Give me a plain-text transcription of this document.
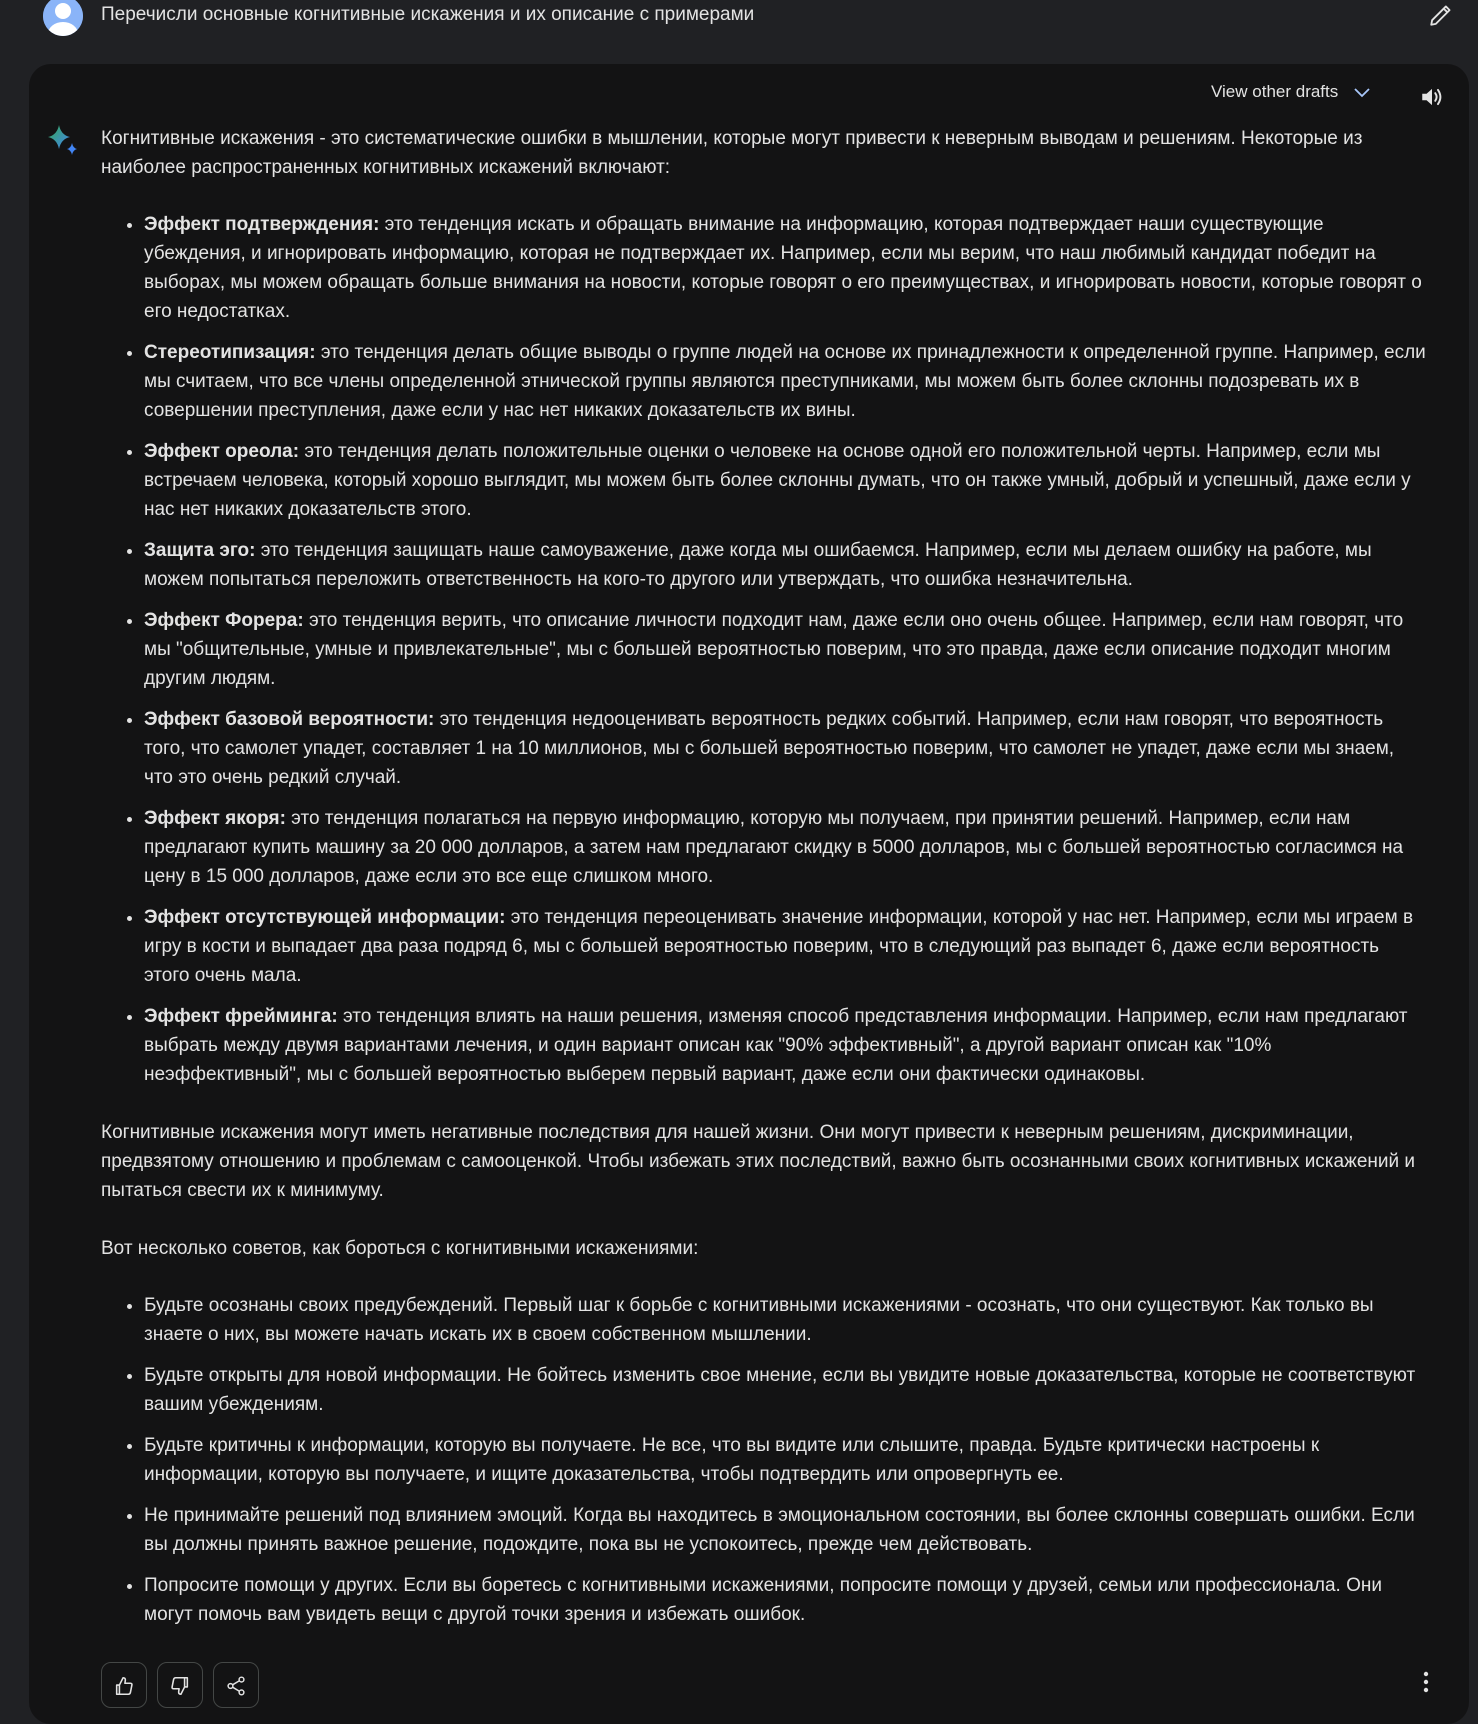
Перечисли основные когнитивные искажения и их описание с примерами
View other drafts

Когнитивные искажения - это систематические ошибки в мышлении, которые могут привести к неверным выводам и решениям. Некоторые из наиболее распространенных когнитивных искажений включают:

• Эффект подтверждения: это тенденция искать и обращать внимание на информацию, которая подтверждает наши существующие убеждения, и игнорировать информацию, которая не подтверждает их. Например, если мы верим, что наш любимый кандидат победит на выборах, мы можем обращать больше внимания на новости, которые говорят о его преимуществах, и игнорировать новости, которые говорят о его недостатках.
• Стереотипизация: это тенденция делать общие выводы о группе людей на основе их принадлежности к определенной группе. Например, если мы считаем, что все члены определенной этнической группы являются преступниками, мы можем быть более склонны подозревать их в совершении преступления, даже если у нас нет никаких доказательств их вины.
• Эффект ореола: это тенденция делать положительные оценки о человеке на основе одной его положительной черты. Например, если мы встречаем человека, который хорошо выглядит, мы можем быть более склонны думать, что он также умный, добрый и успешный, даже если у нас нет никаких доказательств этого.
• Защита эго: это тенденция защищать наше самоуважение, даже когда мы ошибаемся. Например, если мы делаем ошибку на работе, мы можем попытаться переложить ответственность на кого-то другого или утверждать, что ошибка незначительна.
• Эффект Форера: это тенденция верить, что описание личности подходит нам, даже если оно очень общее. Например, если нам говорят, что мы "общительные, умные и привлекательные", мы с большей вероятностью поверим, что это правда, даже если описание подходит многим другим людям.
• Эффект базовой вероятности: это тенденция недооценивать вероятность редких событий. Например, если нам говорят, что вероятность того, что самолет упадет, составляет 1 на 10 миллионов, мы с большей вероятностью поверим, что самолет не упадет, даже если мы знаем, что это очень редкий случай.
• Эффект якоря: это тенденция полагаться на первую информацию, которую мы получаем, при принятии решений. Например, если нам предлагают купить машину за 20 000 долларов, а затем нам предлагают скидку в 5000 долларов, мы с большей вероятностью согласимся на цену в 15 000 долларов, даже если это все еще слишком много.
• Эффект отсутствующей информации: это тенденция переоценивать значение информации, которой у нас нет. Например, если мы играем в игру в кости и выпадает два раза подряд 6, мы с большей вероятностью поверим, что в следующий раз выпадет 6, даже если вероятность этого очень мала.
• Эффект фрейминга: это тенденция влиять на наши решения, изменяя способ представления информации. Например, если нам предлагают выбрать между двумя вариантами лечения, и один вариант описан как "90% эффективный", а другой вариант описан как "10% неэффективный", мы с большей вероятностью выберем первый вариант, даже если они фактически одинаковы.

Когнитивные искажения могут иметь негативные последствия для нашей жизни. Они могут привести к неверным решениям, дискриминации, предвзятому отношению и проблемам с самооценкой. Чтобы избежать этих последствий, важно быть осознанными своих когнитивных искажений и пытаться свести их к минимуму.

Вот несколько советов, как бороться с когнитивными искажениями:

• Будьте осознаны своих предубеждений. Первый шаг к борьбе с когнитивными искажениями - осознать, что они существуют. Как только вы знаете о них, вы можете начать искать их в своем собственном мышлении.
• Будьте открыты для новой информации. Не бойтесь изменить свое мнение, если вы увидите новые доказательства, которые не соответствуют вашим убеждениям.
• Будьте критичны к информации, которую вы получаете. Не все, что вы видите или слышите, правда. Будьте критически настроены к информации, которую вы получаете, и ищите доказательства, чтобы подтвердить или опровергнуть ее.
• Не принимайте решений под влиянием эмоций. Когда вы находитесь в эмоциональном состоянии, вы более склонны совершать ошибки. Если вы должны принять важное решение, подождите, пока вы не успокоитесь, прежде чем действовать.
• Попросите помощи у других. Если вы боретесь с когнитивными искажениями, попросите помощи у друзей, семьи или профессионала. Они могут помочь вам увидеть вещи с другой точки зрения и избежать ошибок.
